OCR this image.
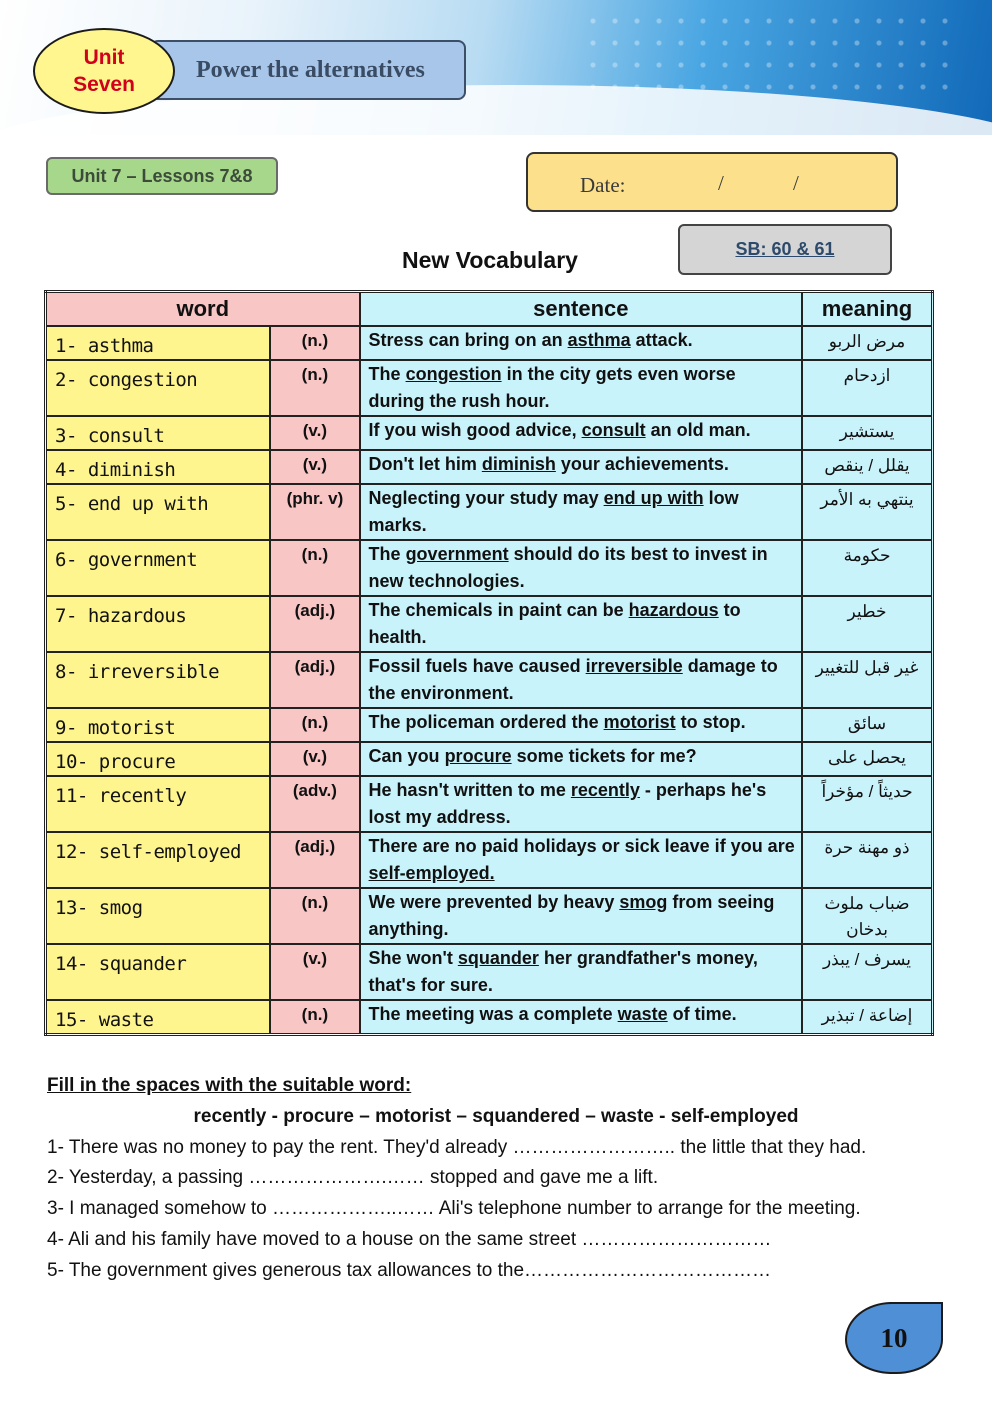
Power the alternatives
Unit
Seven
Unit 7 – Lessons 7&8	Date:	/	/
SB: 60 & 61
New Vocabulary
word		sentence	meaning
1- asthma	(n.)	Stress can bring on an asthma attack.	مرض الربو
2- congestion	(n.)	The congestion in the city gets even worse during the rush hour.	ازدحام
3- consult	(v.)	If you wish good advice, consult an old man.	يستشير
4- diminish	(v.)	Don't let him diminish your achievements.	يقلل / ينقص
5- end up with	(phr. v)	Neglecting your study may end up with low marks.	ينتهي به الأمر
6- government	(n.)	The government should do its best to invest in new technologies.	حكومة
7- hazardous	(adj.)	The chemicals in paint can be hazardous to health.	خطير
8- irreversible	(adj.)	Fossil fuels have caused irreversible damage to the environment.	غير قبل للتغيير
9- motorist	(n.)	The policeman ordered the motorist to stop.	سائق
10- procure	(v.)	Can you procure some tickets for me?	يحصل على
11- recently	(adv.)	He hasn't written to me recently - perhaps he's lost my address.	حديثاً / مؤخراً
12- self-employed	(adj.)	There are no paid holidays or sick leave if you are self-employed.	ذو مهنة حرة
13- smog	(n.)	We were prevented by heavy smog from seeing anything.	ضباب ملوث بدخان
14- squander	(v.)	She won't squander her grandfather's money, that's for sure.	يسرف / يبذر
15- waste	(n.)	The meeting was a complete waste of time.	إضاعة / تبذير
Fill in the spaces with the suitable word:
recently - procure – motorist – squandered – waste - self-employed
1- There was no money to pay the rent. They'd already …………………….. the little that they had.
2- Yesterday, a passing ………………….…… stopped and gave me a lift.
3- I managed somehow to ………………..…… Ali's telephone number to arrange for the meeting.
4- Ali and his family have moved to a house on the same street …………………………
5- The government gives generous tax allowances to the…………………………………
10
